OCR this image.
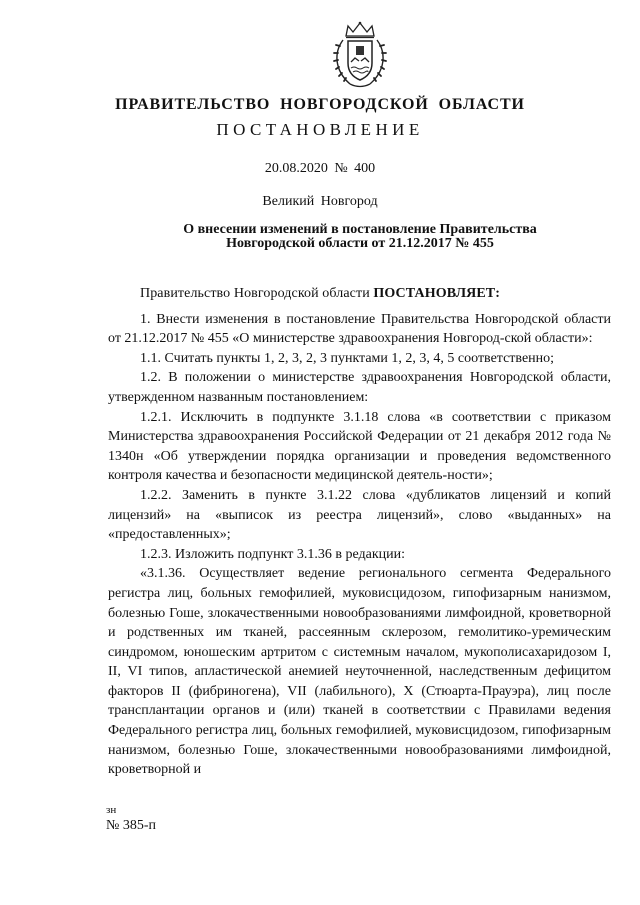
ПРАВИТЕЛЬСТВО НОВГОРОДСКОЙ ОБЛАСТИ
ПОСТАНОВЛЕНИЕ
20.08.2020 № 400
Великий Новгород
О внесении изменений в постановление Правительства
Новгородской области от 21.12.2017 № 455

Правительство Новгородской области ПОСТАНОВЛЯЕТ:

1. Внести изменения в постановление Правительства Новгородской области от 21.12.2017 № 455 «О министерстве здравоохранения Новгород-ской области»:

1.1. Считать пункты 1, 2, 3, 2, 3 пунктами 1, 2, 3, 4, 5 соответственно;

1.2. В положении о министерстве здравоохранения Новгородской области, утвержденном названным постановлением:

1.2.1. Исключить в подпункте 3.1.18 слова «в соответствии с приказом Министерства здравоохранения Российской Федерации от 21 декабря 2012 года № 1340н «Об утверждении порядка организации и проведения ведомственного контроля качества и безопасности медицинской деятель-ности»;

1.2.2. Заменить в пункте 3.1.22 слова «дубликатов лицензий и копий лицензий» на «выписок из реестра лицензий», слово «выданных» на «предоставленных»;

1.2.3. Изложить подпункт 3.1.36 в редакции:

«3.1.36. Осуществляет ведение регионального сегмента Федерального регистра лиц, больных гемофилией, муковисцидозом, гипофизарным нанизмом, болезнью Гоше, злокачественными новообразованиями лимфоидной, кроветворной и родственных им тканей, рассеянным склерозом, гемолитико-уремическим синдромом, юношеским артритом с системным началом, мукополисахаридозом I, II, VI типов, апластической анемией неуточненной, наследственным дефицитом факторов II (фибриногена), VII (лабильного), X (Стюарта-Прауэра), лиц после трансплантации органов и (или) тканей в соответствии с Правилами ведения Федерального регистра лиц, больных гемофилией, муковисцидозом, гипофизарным нанизмом, болезнью Гоше, злокачественными новообразованиями лимфоидной, кроветворной и

зн
№ 385-п
